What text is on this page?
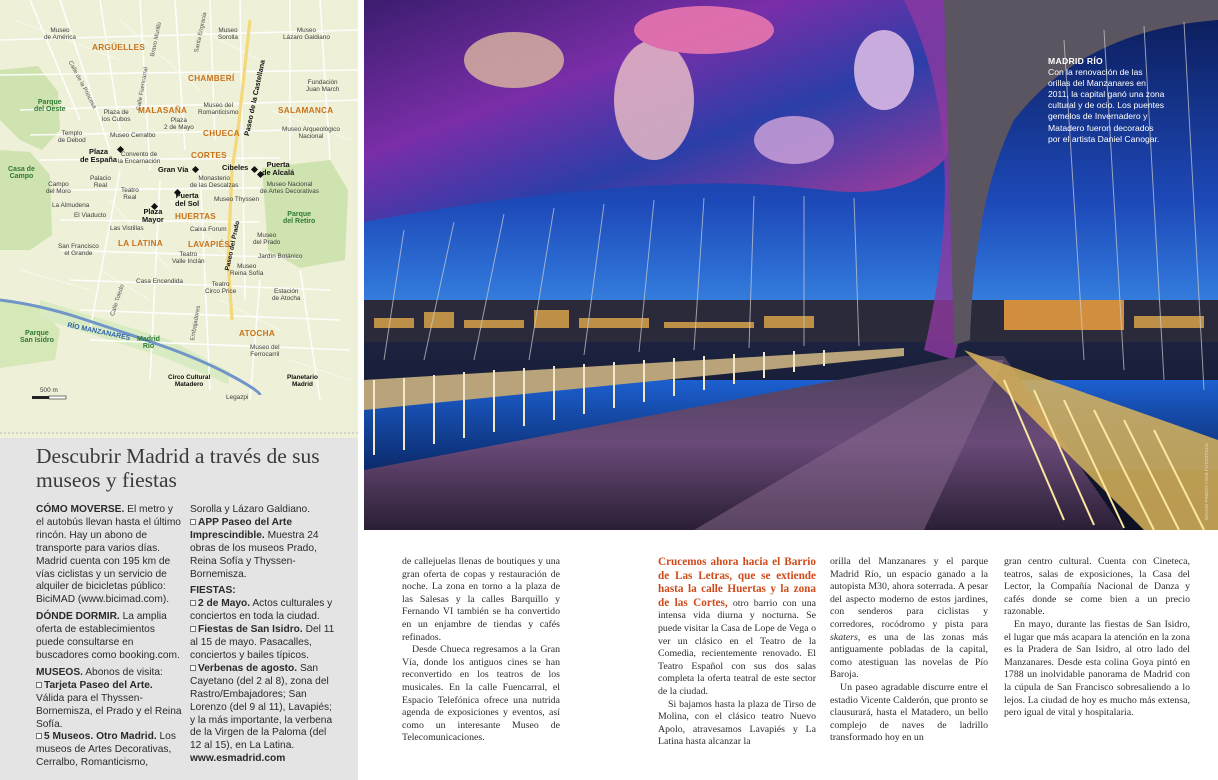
ARGÜELLES
CHAMBERÍ
MALASAÑA	SALAMANCA
CHUECA
CORTES
HUERTAS
LA LATINA	LAVAPIÉS
ATOCHA
Parque
del Oeste
Casa de
Campo
Parque
del Retiro
Parque
San Isidro	Madrid
Río
Plaza
de España
Gran Vía	Cibeles	Puerta
de Alcalá
Puerta
del Sol
Plaza
Mayor
RÍO MANZANARES
Paseo de la Castellana
Calle de la Princesa	Calle Fuencarral
Bravo Murillo	Santa Engracia
Paseo del Prado
Calle Toledo
Embajadores
Museo
de América
Museo
Sorolla
Museo
Lázaro Galdiano
Fundación
Juan March
Plaza de
los Cubos
Museo Cerralbo
Plaza
2 de Mayo
Museo del
Romanticismo
Museo Arqueológico
Nacional
Templo
de Debod
Convento de
la Encarnación
Monasterio
de las Descalzas	Museo Nacional
de Artes Decorativas
Campo
del Moro
Palacio
Real
Teatro
Real	Museo Thyssen
La Almudena
El Viaducto
Caixa Forum
Museo
del Prado
Las Vistillas
Teatro
Valle Inclán
Jardín Botánico
San Francisco
el Grande
Museo
Reina Sofía
Casa Encendida	Teatro
Circo Price	Estación
de Atocha
Museo del
Ferrocarril
Circo Cultural
Matadero
Legazpi
Planetario
Madrid
500 m
Descubrir Madrid a través de sus museos y fiestas

CÓMO MOVERSE. El metro y el autobús llevan hasta el último rincón. Hay un abono de transporte para varios días. Madrid cuenta con 195 km de vías ciclistas y un servicio de alquiler de bicicletas público: BiciMAD (www.bicimad.com).

DÓNDE DORMIR. La amplia oferta de establecimientos puede consultarse en buscadores como booking.com.

MUSEOS. Abonos de visita:

Tarjeta Paseo del Arte. Válida para el Thyssen-Bornemisza, el Prado y el Reina Sofía.

5 Museos. Otro Madrid. Los museos de Artes Decorativas, Cerralbo, Romanticismo,

Sorolla y Lázaro Galdiano.

APP Paseo del Arte Imprescindible. Muestra 24 obras de los museos Prado, Reina Sofía y Thyssen-Bornemisza.

FIESTAS:

2 de Mayo. Actos culturales y conciertos en toda la ciudad.

Fiestas de San Isidro. Del 11 al 15 de mayo. Pasacalles, conciertos y bailes típicos.

Verbenas de agosto. San Cayetano (del 2 al 8), zona del Rastro/Embajadores; San Lorenzo (del 9 al 11), Lavapiés; y la más importante, la verbena de la Virgen de la Paloma (del 12 al 15), en La Latina.

www.esmadrid.com

MADRID RÍO

Con la renovación de las orillas del Manzanares en 2011, la capital ganó una zona cultural y de ocio. Los puentes gemelos de Invernadero y Matadero fueron decorados por el artista Daniel Canogar.

NACHO PINEDO / AGE FOTOSTOCK

de callejuelas llenas de boutiques y una gran oferta de copas y restauración de noche. La zona en torno a la plaza de las Salesas y la calles Barquillo y Fernando VI también se ha convertido en un enjambre de tiendas y cafés refinados.

Desde Chueca regresamos a la Gran Vía, donde los antiguos cines se han reconvertido en los teatros de los musicales. En la calle Fuencarral, el Espacio Telefónica ofrece una nutrida agenda de exposiciones y eventos, así como un interesante Museo de Telecomunicaciones.

Crucemos ahora hacia el Barrio de Las Letras, que se extiende hasta la calle Huertas y la zona de las Cortes, otro barrio con una intensa vida diurna y nocturna. Se puede visitar la Casa de Lope de Vega o ver un clásico en el Teatro de la Comedia, recientemente renovado. El Teatro Español con sus dos salas completa la oferta teatral de este sector de la ciudad.

Si bajamos hasta la plaza de Tirso de Molina, con el clásico teatro Nuevo Apolo, atravesamos Lavapiés y La Latina hasta alcanzar la

orilla del Manzanares y el parque Madrid Río, un espacio ganado a la autopista M30, ahora soterrada. A pesar del aspecto moderno de estos jardines, con senderos para ciclistas y corredores, rocódromo y pista para skaters, es una de las zonas más antiguamente pobladas de la capital, como atestiguan las novelas de Pío Baroja.

Un paseo agradable discurre entre el estadio Vicente Calderón, que pronto se clausurará, hasta el Matadero, un bello complejo de naves de ladrillo transformado hoy en un

gran centro cultural. Cuenta con Cineteca, teatros, salas de exposiciones, la Casa del Lector, la Compañía Nacional de Danza y cafés donde se come bien a un precio razonable.

En mayo, durante las fiestas de San Isidro, el lugar que más acapara la atención en la zona es la Pradera de San Isidro, al otro lado del Manzanares. Desde esta colina Goya pintó en 1788 un inolvidable panorama de Madrid con la cúpula de San Francisco sobresaliendo a lo lejos. La ciudad de hoy es mucho más extensa, pero igual de vital y hospitalaria.
